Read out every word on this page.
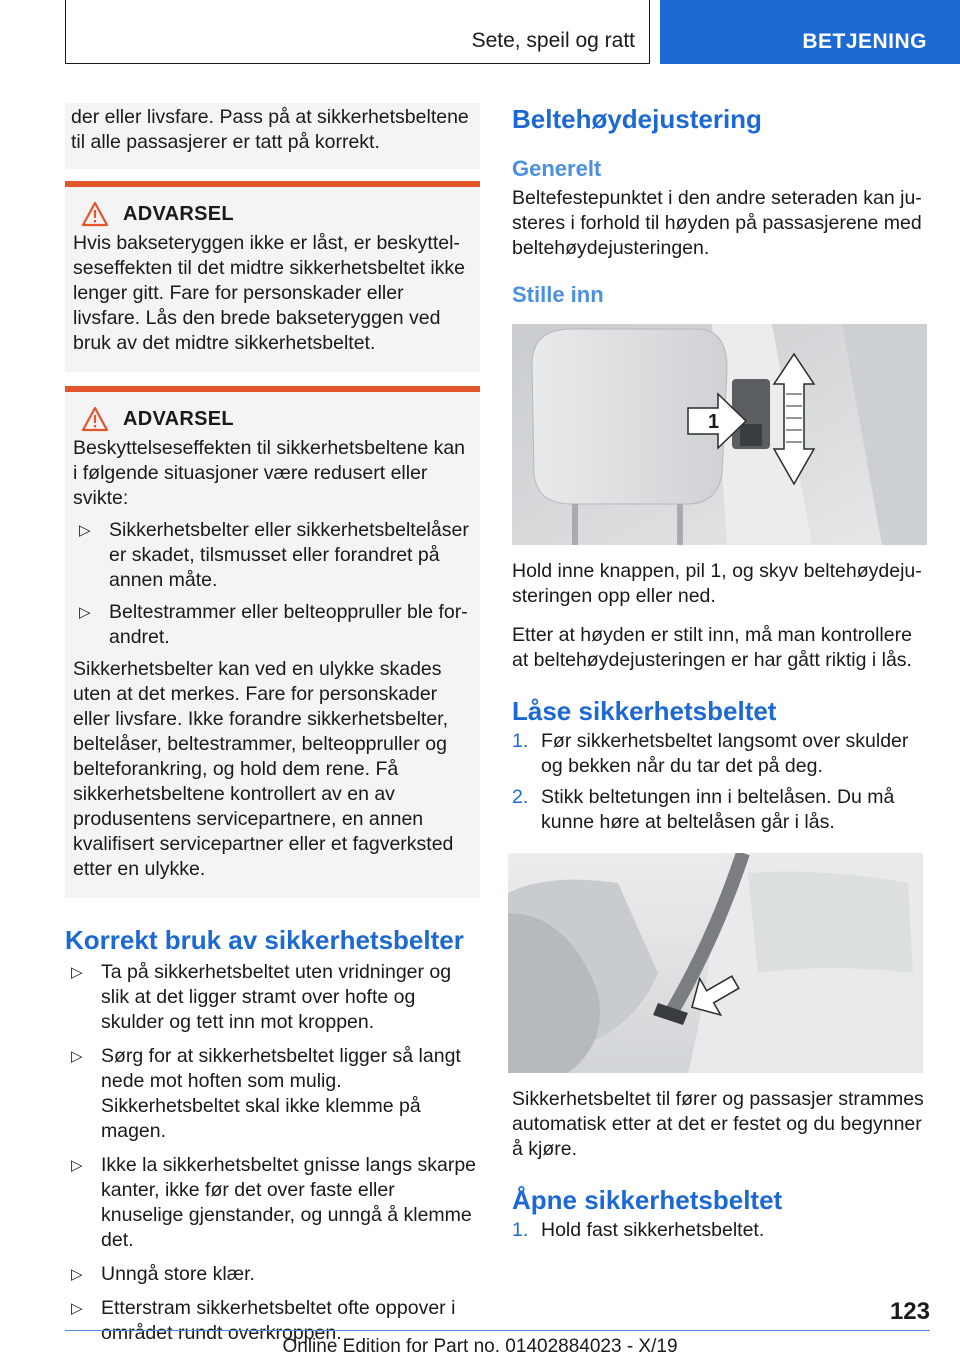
Sete, speil og ratt	BETJENING

der eller livsfare. Pass på at sikkerhetsbeltene til alle passasjerer er tatt på korrekt.

ADVARSEL

Hvis bakseteryggen ikke er låst, er beskyttelseseffekten til det midtre sikkerhetsbeltet ikke lenger gitt. Fare for personskader eller livsfare. Lås den brede bakseteryggen ved bruk av det midtre sikkerhetsbeltet.

ADVARSEL

Beskyttelseseffekten til sikkerhetsbeltene kan i følgende situasjoner være redusert eller svikte:

▷ Sikkerhetsbelter eller sikkerhetsbeltelåser er skadet, tilsmusset eller forandret på annen måte.
▷ Beltestrammer eller belteoppruller ble forandret.

Sikkerhetsbelter kan ved en ulykke skades uten at det merkes. Fare for personskader eller livsfare. Ikke forandre sikkerhetsbelter, beltelåser, beltestrammer, belteoppruller og belteforankring, og hold dem rene. Få sikkerhetsbeltene kontrollert av en av produsentens servicepartnere, en annen kvalifisert servicepartner eller et fagverksted etter en ulykke.

Korrekt bruk av sikkerhetsbelter
▷ Ta på sikkerhetsbeltet uten vridninger og slik at det ligger stramt over hofte og skulder og tett inn mot kroppen.
▷ Sørg for at sikkerhetsbeltet ligger så langt nede mot hoften som mulig. Sikkerhetsbeltet skal ikke klemme på magen.
▷ Ikke la sikkerhetsbeltet gnisse langs skarpe kanter, ikke før det over faste eller knuselige gjenstander, og unngå å klemme det.
▷ Unngå store klær.
▷ Etterstram sikkerhetsbeltet ofte oppover i området rundt overkroppen.
Beltehøydejustering
Generelt

Beltefestepunktet i den andre seteraden kan justeres i forhold til høyden på passasjerene med beltehøydejusteringen.

Stille inn
1

Hold inne knappen, pil 1, og skyv beltehøydejusteringen opp eller ned.

Etter at høyden er stilt inn, må man kontrollere at beltehøydejusteringen er har gått riktig i lås.

Låse sikkerhetsbeltet
1. Før sikkerhetsbeltet langsomt over skulder og bekken når du tar det på deg.
2. Stikk beltetungen inn i beltelåsen. Du må kunne høre at beltelåsen går i lås.

Sikkerhetsbeltet til fører og passasjer strammes automatisk etter at det er festet og du begynner å kjøre.

Åpne sikkerhetsbeltet
1. Hold fast sikkerhetsbeltet.
123
Online Edition for Part no. 01402884023 - X/19
